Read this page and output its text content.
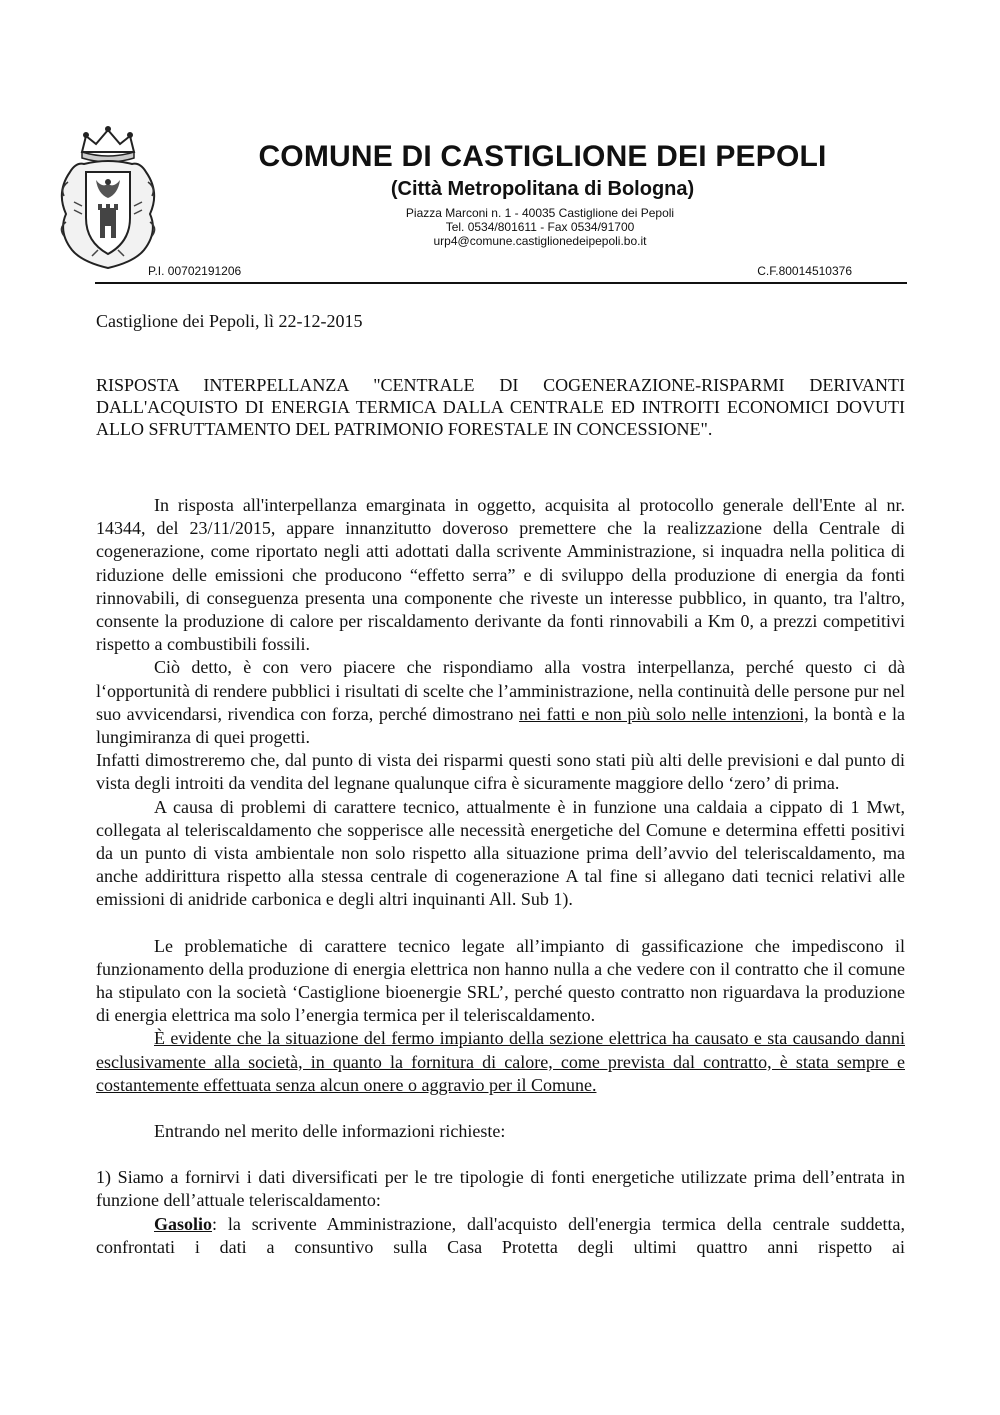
COMUNE DI CASTIGLIONE DEI PEPOLI
(Città Metropolitana di Bologna)
Piazza Marconi n. 1 - 40035 Castiglione dei Pepoli
Tel. 0534/801611 - Fax 0534/91700
urp4@comune.castiglionedeipepoli.bo.it
P.I. 00702191206	C.F.80014510376
Castiglione dei Pepoli, lì 22-12-2015
RISPOSTA INTERPELLANZA "CENTRALE DI COGENERAZIONE-RISPARMI DERIVANTI DALL'ACQUISTO DI ENERGIA TERMICA DALLA CENTRALE ED INTROITI ECONOMICI DOVUTI ALLO SFRUTTAMENTO DEL PATRIMONIO FORESTALE IN CONCESSIONE".

In risposta all'interpellanza emarginata in oggetto, acquisita al protocollo generale dell'Ente al nr. 14344, del 23/11/2015, appare innanzitutto doveroso premettere che la realizzazione della Centrale di cogenerazione, come riportato negli atti adottati dalla scrivente Amministrazione, si inquadra nella politica di riduzione delle emissioni che producono “effetto serra” e di sviluppo della produzione di energia da fonti rinnovabili, di conseguenza presenta una componente che riveste un interesse pubblico, in quanto, tra l'altro, consente la produzione di calore per riscaldamento derivante da fonti rinnovabili a Km 0, a prezzi competitivi rispetto a combustibili fossili.

Ciò detto, è con vero piacere che rispondiamo alla vostra interpellanza, perché questo ci dà l‘opportunità di rendere pubblici i risultati di scelte che l’amministrazione, nella continuità delle persone pur nel suo avvicendarsi, rivendica con forza, perché dimostrano nei fatti e non più solo nelle intenzioni, la bontà e la lungimiranza di quei progetti.

Infatti dimostreremo che, dal punto di vista dei risparmi questi sono stati più alti delle previsioni e dal punto di vista degli introiti da vendita del legnane qualunque cifra è sicuramente maggiore dello ‘zero’ di prima.

A causa di problemi di carattere tecnico, attualmente è in funzione una caldaia a cippato di 1 Mwt, collegata al teleriscaldamento che sopperisce alle necessità energetiche del Comune e determina effetti positivi da un punto di vista ambientale non solo rispetto alla situazione prima dell’avvio del teleriscaldamento, ma anche addirittura rispetto alla stessa centrale di cogenerazione A tal fine si allegano dati tecnici relativi alle emissioni di anidride carbonica e degli altri inquinanti All. Sub 1).

Le problematiche di carattere tecnico legate all’impianto di gassificazione che impediscono il funzionamento della produzione di energia elettrica non hanno nulla a che vedere con il contratto che il comune ha stipulato con la società ‘Castiglione bioenergie SRL’, perché questo contratto non riguardava la produzione di energia elettrica ma solo l’energia termica per il teleriscaldamento.

È evidente che la situazione del fermo impianto della sezione elettrica ha causato e sta causando danni esclusivamente alla società, in quanto la fornitura di calore, come prevista dal contratto, è stata sempre e costantemente effettuata senza alcun onere o aggravio per il Comune.

Entrando nel merito delle informazioni richieste:

1) Siamo a fornirvi i dati diversificati per le tre tipologie di fonti energetiche utilizzate prima dell’entrata in funzione dell’attuale teleriscaldamento:

Gasolio: la scrivente Amministrazione, dall'acquisto dell'energia termica della centrale suddetta, confrontati i dati a consuntivo sulla Casa Protetta degli ultimi quattro anni rispetto ai
